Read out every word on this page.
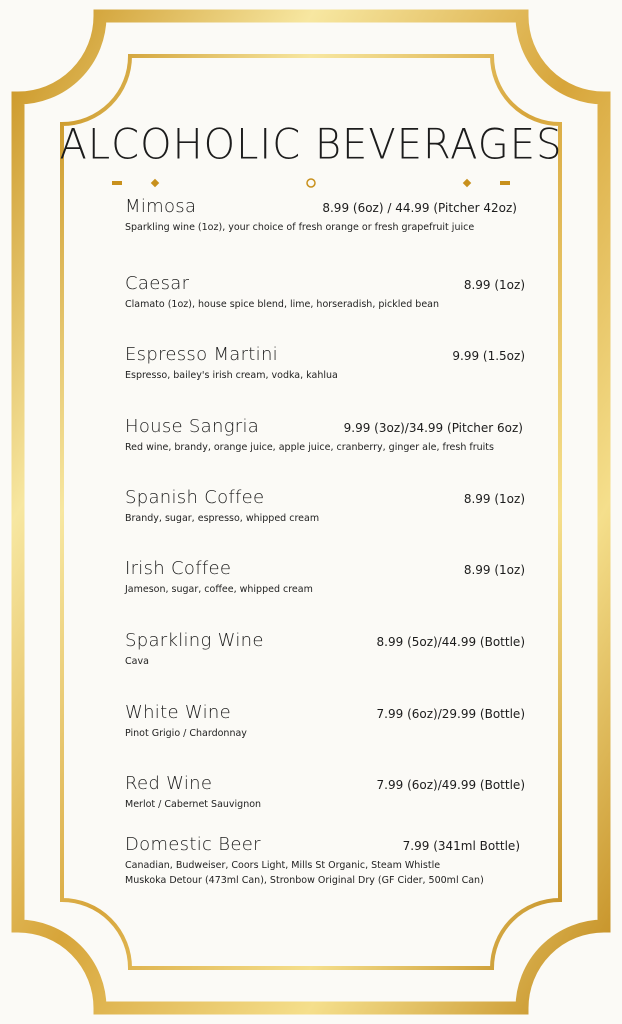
ALCOHOLIC BEVERAGES
Mimosa	8.99 (6oz) / 44.99 (Pitcher 42oz)
Sparkling wine (1oz), your choice of fresh orange or fresh grapefruit juice
Caesar	8.99 (1oz)
Clamato (1oz), house spice blend, lime, horseradish, pickled bean
Espresso Martini	9.99 (1.5oz)
Espresso, bailey's irish cream, vodka, kahlua
House Sangria	9.99 (3oz)/34.99 (Pitcher 6oz)
Red wine, brandy, orange juice, apple juice, cranberry, ginger ale, fresh fruits
Spanish Coffee	8.99 (1oz)
Brandy, sugar, espresso, whipped cream
Irish Coffee	8.99 (1oz)
Jameson, sugar, coffee, whipped cream
Sparkling Wine	8.99 (5oz)/44.99 (Bottle)
Cava
White Wine	7.99 (6oz)/29.99 (Bottle)
Pinot Grigio / Chardonnay
Red Wine	7.99 (6oz)/49.99 (Bottle)
Merlot / Cabernet Sauvignon
Domestic Beer	7.99 (341ml Bottle)
Canadian, Budweiser, Coors Light, Mills St Organic, Steam Whistle
Muskoka Detour (473ml Can), Stronbow Original Dry (GF Cider, 500ml Can)
